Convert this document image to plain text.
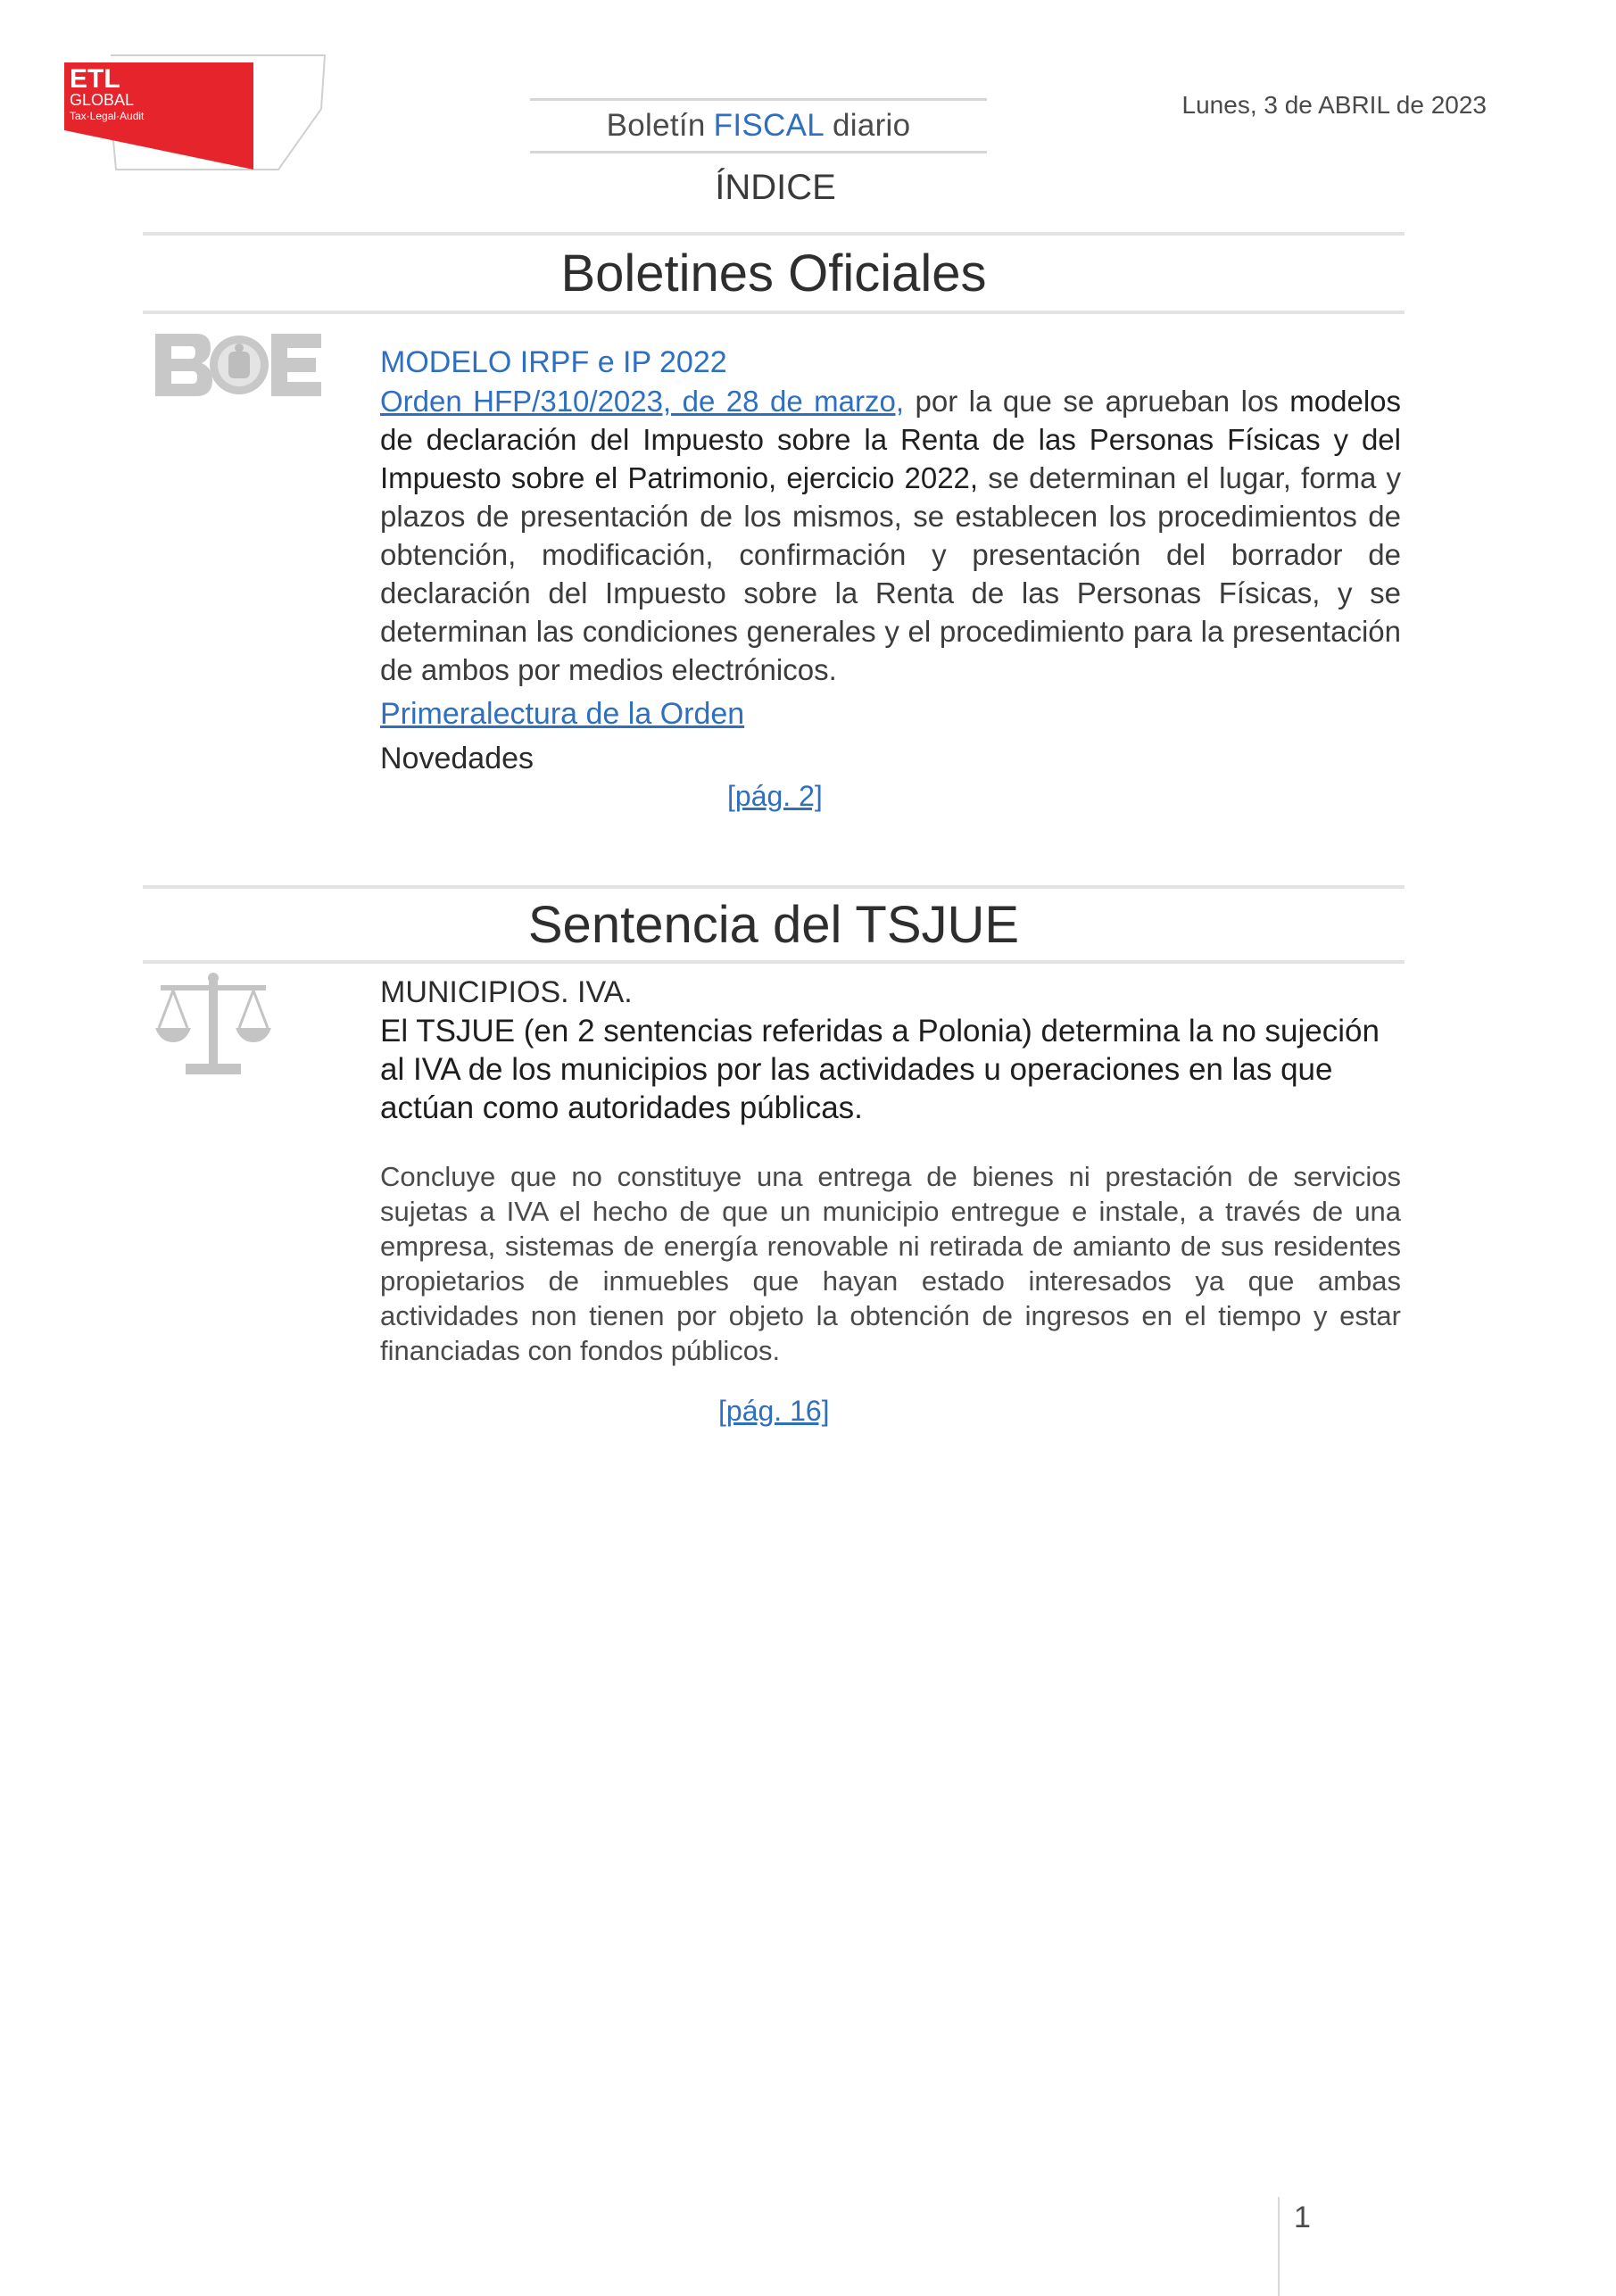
ETL
GLOBAL
Tax·Legal·Audit	Boletín FISCAL diario
Lunes, 3 de ABRIL de 2023
ÍNDICE
Boletines Oficiales
MODELO IRPF e IP 2022
Orden HFP/310/2023, de 28 de marzo, por la que se aprueban los modelos de declaración del Impuesto sobre la Renta de las Personas Físicas y del Impuesto sobre el Patrimonio, ejercicio 2022, se determinan el lugar, forma y plazos de presentación de los mismos, se establecen los procedimientos de obtención, modificación, confirmación y presentación del borrador de declaración del Impuesto sobre la Renta de las Personas Físicas, y se determinan las condiciones generales y el procedimiento para la presentación de ambos por medios electrónicos.
Primeralectura de la Orden
Novedades
[pág. 2]
Sentencia del TSJUE
MUNICIPIOS. IVA.
El TSJUE (en 2 sentencias referidas a Polonia) determina la no sujeción al IVA de los municipios por las actividades u operaciones en las que actúan como autoridades públicas.
Concluye que no constituye una entrega de bienes ni prestación de servicios sujetas a IVA el hecho de que un municipio entregue e instale, a través de una empresa, sistemas de energía renovable ni retirada de amianto de sus residentes propietarios de inmuebles que hayan estado interesados ya que ambas actividades non tienen por objeto la obtención de ingresos en el tiempo y estar financiadas con fondos públicos.
[pág. 16]
1
